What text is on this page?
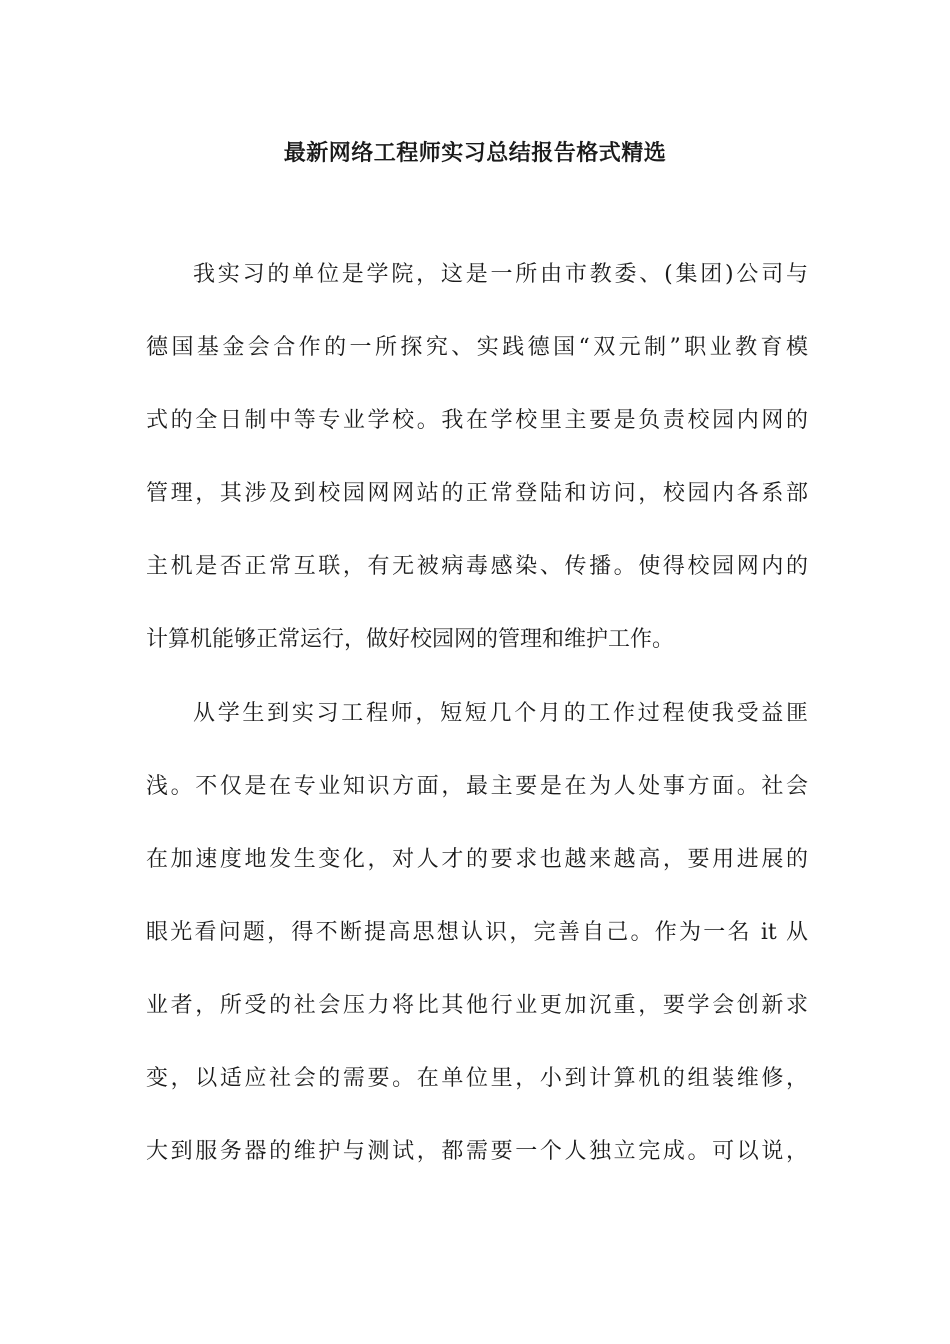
最新网络工程师实习总结报告格式精选
我实习的单位是学院，这是一所由市教委、(集团)公司与
德国基金会合作的一所探究、实践德国“双元制”职业教育模
式的全日制中等专业学校。我在学校里主要是负责校园内网的
管理，其涉及到校园网网站的正常登陆和访问，校园内各系部
主机是否正常互联，有无被病毒感染、传播。使得校园网内的
计算机能够正常运行，做好校园网的管理和维护工作。
从学生到实习工程师，短短几个月的工作过程使我受益匪
浅。不仅是在专业知识方面，最主要是在为人处事方面。社会
在加速度地发生变化，对人才的要求也越来越高，要用进展的
眼光看问题，得不断提高思想认识，完善自己。作为一名 it 从
业者，所受的社会压力将比其他行业更加沉重，要学会创新求
变，以适应社会的需要。在单位里，小到计算机的组装维修，
大到服务器的维护与测试，都需要一个人独立完成。可以说，
